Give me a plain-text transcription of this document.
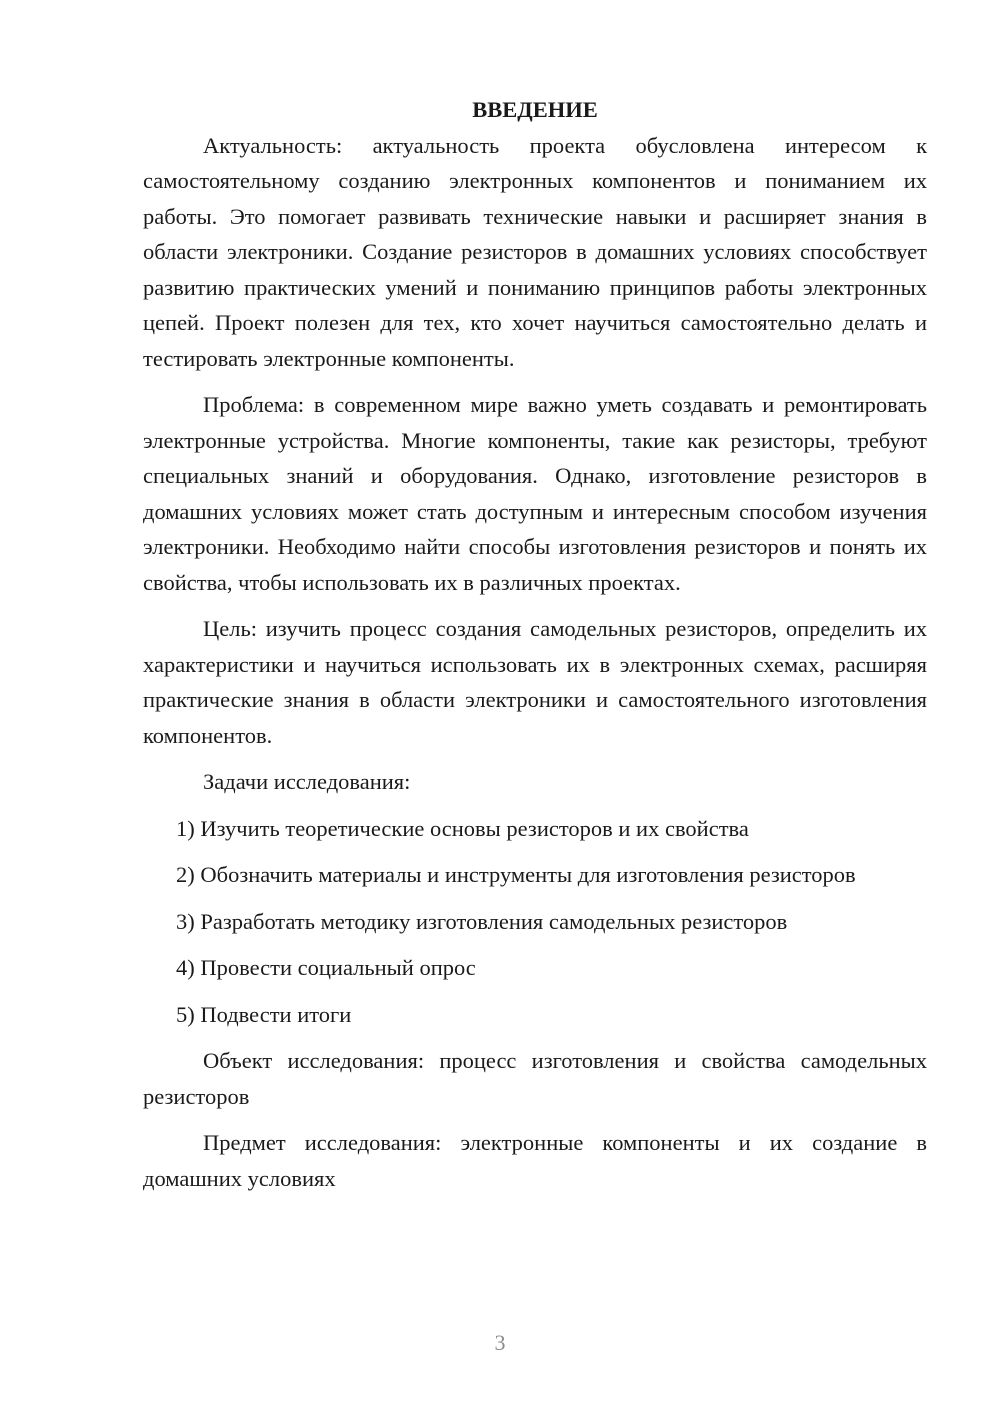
ВВЕДЕНИЕ

Актуальность: актуальность проекта обусловлена интересом к самостоятельному созданию электронных компонентов и пониманием их работы. Это помогает развивать технические навыки и расширяет знания в области электроники. Создание резисторов в домашних условиях способствует развитию практических умений и пониманию принципов работы электронных цепей. Проект полезен для тех, кто хочет научиться самостоятельно делать и тестировать электронные компоненты.

Проблема: в современном мире важно уметь создавать и ремонтировать электронные устройства. Многие компоненты, такие как резисторы, требуют специальных знаний и оборудования. Однако, изготовление резисторов в домашних условиях может стать доступным и интересным способом изучения электроники. Необходимо найти способы изготовления резисторов и понять их свойства, чтобы использовать их в различных проектах.

Цель: изучить процесс создания самодельных резисторов, определить их характеристики и научиться использовать их в электронных схемах, расширяя практические знания в области электроники и самостоятельного изготовления компонентов.

Задачи исследования:

1) Изучить теоретические основы резисторов и их свойства

2) Обозначить материалы и инструменты для изготовления резисторов

3) Разработать методику изготовления самодельных резисторов

4) Провести социальный опрос

5) Подвести итоги

Объект исследования: процесс изготовления и свойства самодельных резисторов

Предмет исследования: электронные компоненты и их создание в домашних условиях

3
